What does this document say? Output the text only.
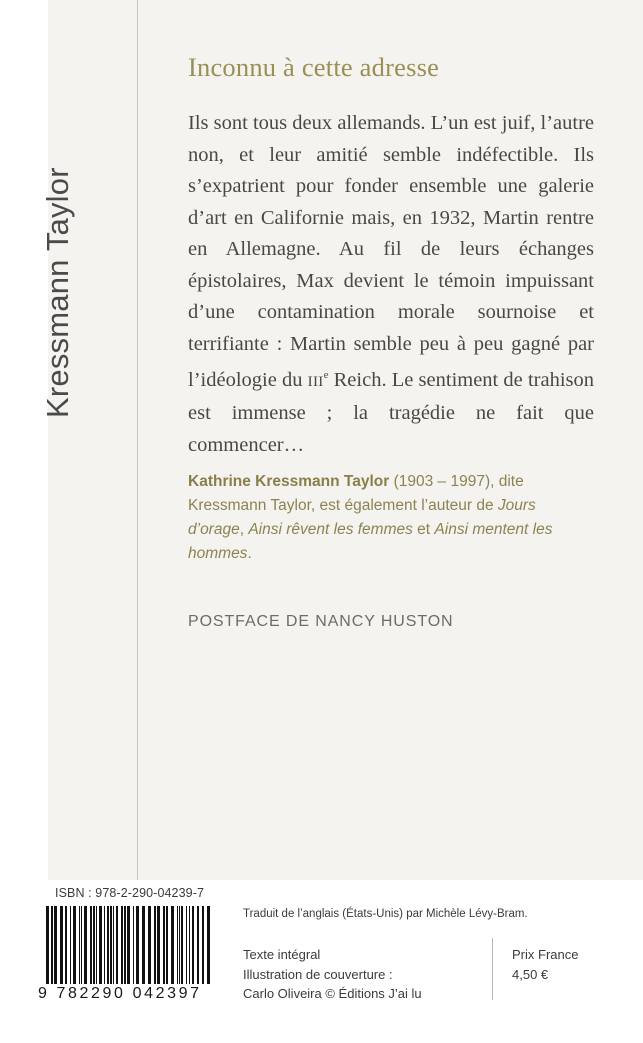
Kressmann Taylor
Inconnu à cette adresse
Ils sont tous deux allemands. L’un est juif, l’autre non, et leur amitié semble indéfectible. Ils s’expatrient pour fonder ensemble une galerie d’art en Californie mais, en 1932, Martin rentre en Allemagne. Au fil de leurs échanges épistolaires, Max devient le témoin impuissant d’une contamination morale sournoise et terrifiante : Martin semble peu à peu gagné par l’idéologie du IIIe Reich. Le sentiment de trahison est immense ; la tragédie ne fait que commencer…
Kathrine Kressmann Taylor (1903 – 1997), dite Kressmann Taylor, est également l’auteur de Jours d’orage, Ainsi rêvent les femmes et Ainsi mentent les hommes.
POSTFACE DE NANCY HUSTON
ISBN : 978-2-290-04239-7
9 782290 042397
Traduit de l’anglais (États-Unis) par Michèle Lévy-Bram.
Texte intégral
Illustration de couverture :
Carlo Oliveira © Éditions J’ai lu
Prix France
4,50 €
